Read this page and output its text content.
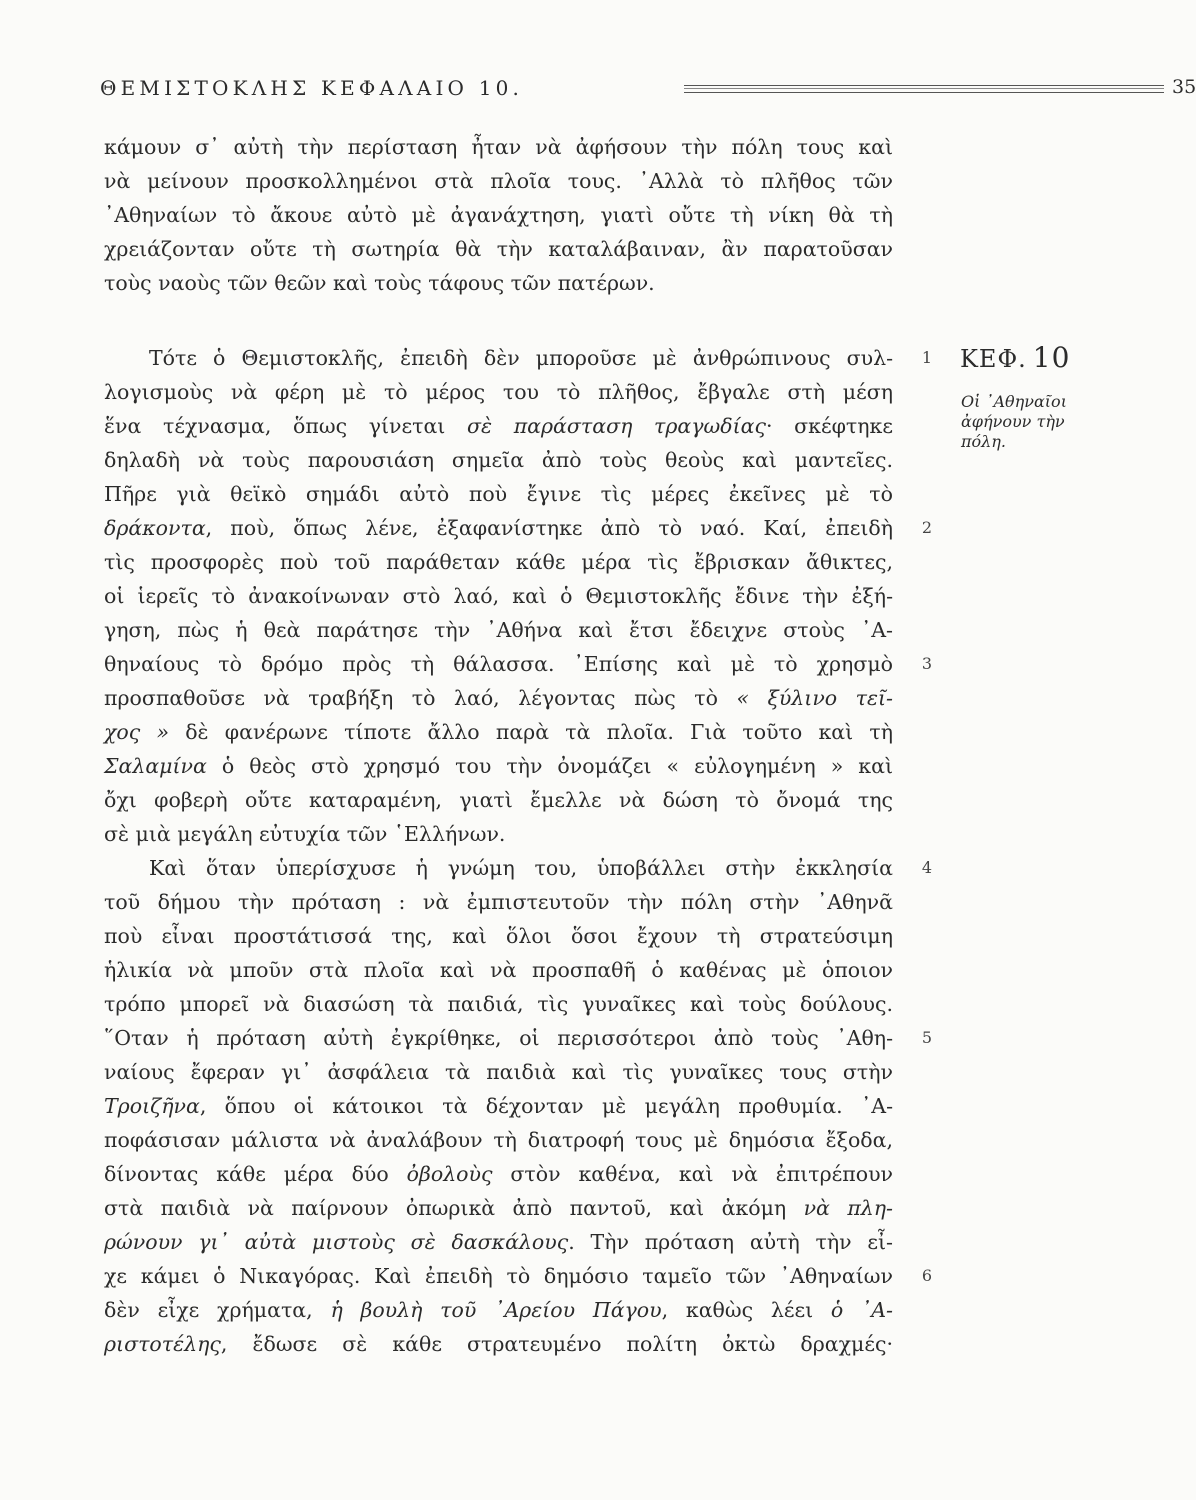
ΘΕΜΙΣΤΟΚΛΗΣ ΚΕΦΑΛΑΙΟ 10.	35
κάμουν σ᾿ αὐτὴ τὴν περίσταση ἦταν νὰ ἀφήσουν τὴν πόλη τους καὶ
νὰ μείνουν προσκολλημένοι στὰ πλοῖα τους. ᾿Αλλὰ τὸ πλῆθος τῶν
᾿Αθηναίων τὸ ἄκουε αὐτὸ μὲ ἀγανάχτηση, γιατὶ οὔτε τὴ νίκη θὰ τὴ
χρειάζονταν οὔτε τὴ σωτηρία θὰ τὴν καταλάβαιναν, ἂν παρατοῦσαν
τοὺς ναοὺς τῶν θεῶν καὶ τοὺς τάφους τῶν πατέρων.
Τότε ὁ Θεμιστοκλῆς, ἐπειδὴ δὲν μποροῦσε μὲ ἀνθρώπινους συλ-
λογισμοὺς νὰ φέρη μὲ τὸ μέρος του τὸ πλῆθος, ἔβγαλε στὴ μέση
ἕνα τέχνασμα, ὅπως γίνεται σὲ παράσταση τραγωδίας· σκέφτηκε
δηλαδὴ νὰ τοὺς παρουσιάση σημεῖα ἀπὸ τοὺς θεοὺς καὶ μαντεῖες.
Πῆρε γιὰ θεϊκὸ σημάδι αὐτὸ ποὺ ἔγινε τὶς μέρες ἐκεῖνες μὲ τὸ
δράκοντα, ποὺ, ὅπως λένε, ἐξαφανίστηκε ἀπὸ τὸ ναό. Καί, ἐπειδὴ
τὶς προσφορὲς ποὺ τοῦ παράθεταν κάθε μέρα τὶς ἔβρισκαν ἄθικτες,
οἱ ἱερεῖς τὸ ἀνακοίνωναν στὸ λαό, καὶ ὁ Θεμιστοκλῆς ἔδινε τὴν ἐξή-
γηση, πὼς ἡ θεὰ παράτησε τὴν ᾿Αθήνα καὶ ἔτσι ἔδειχνε στοὺς ᾿Α-
θηναίους τὸ δρόμο πρὸς τὴ θάλασσα. ᾿Επίσης καὶ μὲ τὸ χρησμὸ
προσπαθοῦσε νὰ τραβήξη τὸ λαό, λέγοντας πὼς τὸ « ξύλινο τεῖ-
χος » δὲ φανέρωνε τίποτε ἄλλο παρὰ τὰ πλοῖα. Γιὰ τοῦτο καὶ τὴ
Σαλαμίνα ὁ θεὸς στὸ χρησμό του τὴν ὀνομάζει « εὐλογημένη » καὶ
ὄχι φοβερὴ οὔτε καταραμένη, γιατὶ ἔμελλε νὰ δώση τὸ ὄνομά της
σὲ μιὰ μεγάλη εὐτυχία τῶν ῾Ελλήνων.
Καὶ ὅταν ὑπερίσχυσε ἡ γνώμη του, ὑποβάλλει στὴν ἐκκλησία
τοῦ δήμου τὴν πρόταση : νὰ ἐμπιστευτοῦν τὴν πόλη στὴν ᾿Αθηνᾶ
ποὺ εἶναι προστάτισσά της, καὶ ὅλοι ὅσοι ἔχουν τὴ στρατεύσιμη
ἡλικία νὰ μποῦν στὰ πλοῖα καὶ νὰ προσπαθῆ ὁ καθένας μὲ ὁποιον
τρόπο μπορεῖ νὰ διασώση τὰ παιδιά, τὶς γυναῖκες καὶ τοὺς δούλους.
῞Οταν ἡ πρόταση αὐτὴ ἐγκρίθηκε, οἱ περισσότεροι ἀπὸ τοὺς ᾿Αθη-
ναίους ἔφεραν γι᾿ ἀσφάλεια τὰ παιδιὰ καὶ τὶς γυναῖκες τους στὴν
Τροιζῆνα, ὅπου οἱ κάτοικοι τὰ δέχονταν μὲ μεγάλη προθυμία. ᾿Α-
ποφάσισαν μάλιστα νὰ ἀναλάβουν τὴ διατροφή τους μὲ δημόσια ἔξοδα,
δίνοντας κάθε μέρα δύο ὀβολοὺς στὸν καθένα, καὶ νὰ ἐπιτρέπουν
στὰ παιδιὰ νὰ παίρνουν ὀπωρικὰ ἀπὸ παντοῦ, καὶ ἀκόμη νὰ πλη-
ρώνουν γι᾿ αὐτὰ μιστοὺς σὲ δασκάλους. Τὴν πρόταση αὐτὴ τὴν εἶ-
χε κάμει ὁ Νικαγόρας. Καὶ ἐπειδὴ τὸ δημόσιο ταμεῖο τῶν ᾿Αθηναίων
δὲν εἶχε χρήματα, ἡ βουλὴ τοῦ ᾿Αρείου Πάγου, καθὼς λέει ὁ ᾿Α-
ριστοτέλης, ἔδωσε σὲ κάθε στρατευμένο πολίτη ὀκτὼ δραχμές·
1
2
3
4
5
6
ΚΕΦ. 10
Οἱ ᾿Αθηναῖοι
ἀφήνουν τὴν
πόλη.
